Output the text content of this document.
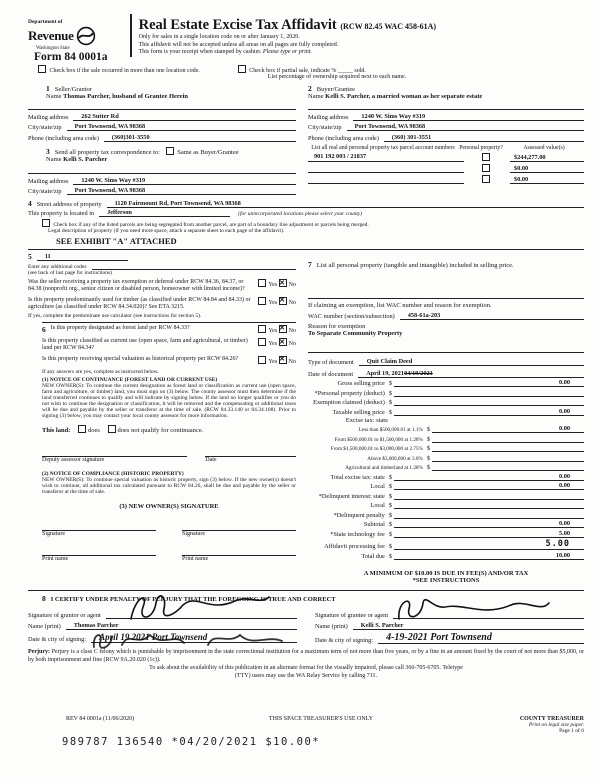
Department of
Revenue
Washington State
Real Estate Excise Tax Affidavit (RCW 82.45 WAC 458-61A)
Only for sales in a single location code on or after January 1, 2020.
This affidavit will not be accepted unless all areas on all pages are fully completed.
This form is your receipt when stamped by cashier. Please type or print.
Form 84 0001a
Check box if the sale occurred in more than one location code.	Check box if partial sale, indicate % _____ sold.
List percentage of ownership acquired next to each name.
1 Seller/Grantor
Name Thomas Parcher, husband of Grantee Herein
Mailing address	262 Sutter Rd
City/state/zip	Port Townsend, WA 98368
Phone (including area code)	(360)301-3550
3 Send all property tax correspondence to:	Same as Buyer/Grantee
Name Kelli S. Parcher
Mailing address	1240 W. Sims Way #319
City/state/zip	Port Townsend, WA 98368
2 Buyer/Grantee
Name Kelli S. Parcher, a married woman as her separate estate
Mailing address	1240 W. Sims Way #319
City/state/zip	Port Townsend, WA 98368
Phone (including area code)	(360) 301-3551
List all real and personal property tax parcel account numbers Personal property?	Assessed value(s)
901 192 003 / 21837	$244,277.00
$0.00
$0.00
4 Street address of property	1120 Fairmount Rd, Port Townsend, WA 98368
This property is located in	Jefferson	(for unincorporated locations please select your county)
Check box if any of the listed parcels are being segregated from another parcel, are part of a boundary line adjustment or parcels being merged.
Legal description of property (if you need more space, attach a separate sheet to each page of the affidavit).
SEE EXHIBIT "A" ATTACHED
5	11
Enter any additional codes
(see back of last page for instructions)
Was the seller receiving a property tax exemption or deferral under RCW 84.36, 84.37, or 84.38 (nonprofit org., senior citizen or disabled person, homeowner with limited income)?
Yes ✕ No
Is this property predominantly used for timber (as classified under RCW 84.84 and 84.33) or agriculture (as classified under RCW 84.34.020)? See ETA 3215.
Yes ✕ No
If yes, complete the predominate use calculator (see instructions for section 5).
6 Is this property designated as forest land per RCW 84.33?	Yes ✕ No
Is this property classified as current use (open space, farm and agricultural, or timber) land per RCW 84.34?
Yes ✕ No
Is this property receiving special valuation as historical property per RCW 84.26?	Yes ✕ No
If any answers are yes, complete as instructed below.
(1) NOTICE OF CONTINUANCE (FOREST LAND OR CURRENT USE)
NEW OWNER(S): To continue the current designation as forest land or classification as current use (open space, farm and agriculture, or timber) land, you must sign on (3) below. The county assessor must then determine if the land transferred continues to qualify and will indicate by signing below. If the land no longer qualifies or you do not wish to continue the designation or classification, it will be removed and the compensating or additional taxes will be due and payable by the seller or transferor at the time of sale. (RCW 84.33.140 or 84.34.108). Prior to signing (3) below, you may contact your local county assessor for more information.
This land:	does	does not qualify for continuance.
Deputy assessor signature	Date
(2) NOTICE OF COMPLIANCE (HISTORIC PROPERTY)
NEW OWNER(S): To continue special valuation as historic property, sign (3) below. If the new owner(s) doesn't wish to continue, all additional tax calculated pursuant to RCW 84.26, shall be due and payable by the seller or transferor at the time of sale.
(3) NEW OWNER(S) SIGNATURE
Signature	Signature
Print name	Print name
7 List all personal property (tangible and intangible) included in selling price.
If claiming an exemption, list WAC number and reason for exemption.
WAC number (section/subsection)	458-61a-203
Reason for exemption
To Separate Community Property
Type of document	Quit Claim Deed
Date of document	April 19, 202104/19/2021
Gross selling price $	0.00
*Personal property (deduct) $
Exemption claimed (deduct) $
Taxable selling price $	0.00
Excise tax: state
Less than $500,000.01 at 1.1% $	0.00
From $500,000.01 to $1,500,000 at 1.28% $
From $1,500,000.01 to $3,000,000 at 2.75% $
Above $3,000,000 at 3.0% $
Agricultural and timberland at 1.28% $
Total excise tax: state $	0.00
Local $	0.00
*Delinquent interest: state $
Local $
*Delinquent penalty $
Subtotal $	0.00
*State technology fee $	5.00
Affidavit processing fee $	5.00
Total due $	10.00
A MINIMUM OF $10.00 IS DUE IN FEE(S) AND/OR TAX
*SEE INSTRUCTIONS
8 I CERTIFY UNDER PENALTY OF PERJURY THAT THE FOREGOING IS TRUE AND CORRECT
Signature of grantor or agent
Name (print)	Thomas Parcher
Date & city of signing:	April 19 2021 Port Townsend
Signature of grantee or agent
Name (print)	Kelli S. Parcher
Date & city of signing:	4-19-2021 Port Townsend
Perjury: Perjury is a class C felony which is punishable by imprisonment in the state correctional institution for a maximum term of not more than five years, or by a fine in an amount fixed by the court of not more than $5,000, or by both imprisonment and fine (RCW 9A.20.020 (1c)).
To ask about the availability of this publication in an alternate format for the visually impaired, please call 360-705-6705. Teletype
(TTY) users may use the WA Relay Service by calling 711.
REV 84 0001a (11/06/2020)	THIS SPACE TREASURER'S USE ONLY	COUNTY TREASURER
Print on legal size paper.
Page 1 of 6
989787 136540 *04/20/2021 $10.00*
